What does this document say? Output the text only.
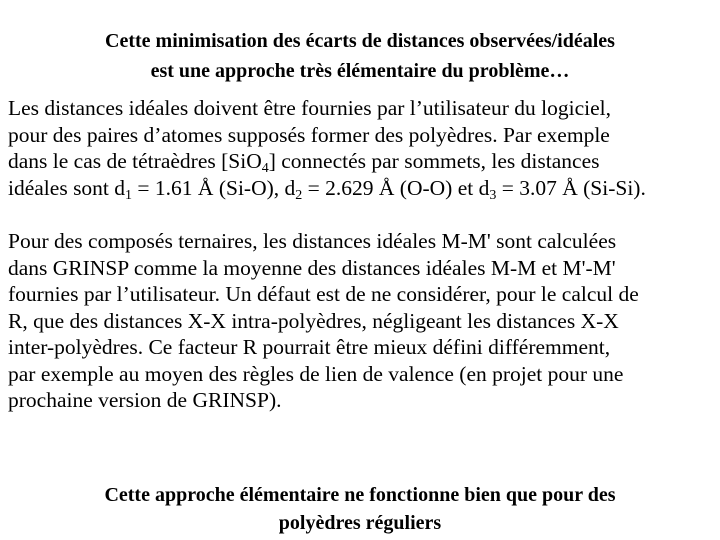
Cette minimisation des écarts de distances observées/idéales
est une approche très élémentaire du problème…
Les distances idéales doivent être fournies par l’utilisateur du logiciel,
pour des paires d’atomes supposés former des polyèdres. Par exemple
dans le cas de tétraèdres [SiO$_4$] connectés par sommets, les distances
idéales sont $d_1 = 1.61$ Å (Si-O), $d_2 = 2.629$ Å (O-O) et $d_3 = 3.07$ Å (Si-Si).
Pour des composés ternaires, les distances idéales M-M' sont calculées
dans GRINSP comme la moyenne des distances idéales M-M et M'-M'
fournies par l’utilisateur. Un défaut est de ne considérer, pour le calcul de
R, que des distances X-X intra-polyèdres, négligeant les distances X-X
inter-polyèdres. Ce facteur R pourrait être mieux défini différemment,
par exemple au moyen des règles de lien de valence (en projet pour une
prochaine version de GRINSP).
Cette approche élémentaire ne fonctionne bien que pour des
polyèdres réguliers
